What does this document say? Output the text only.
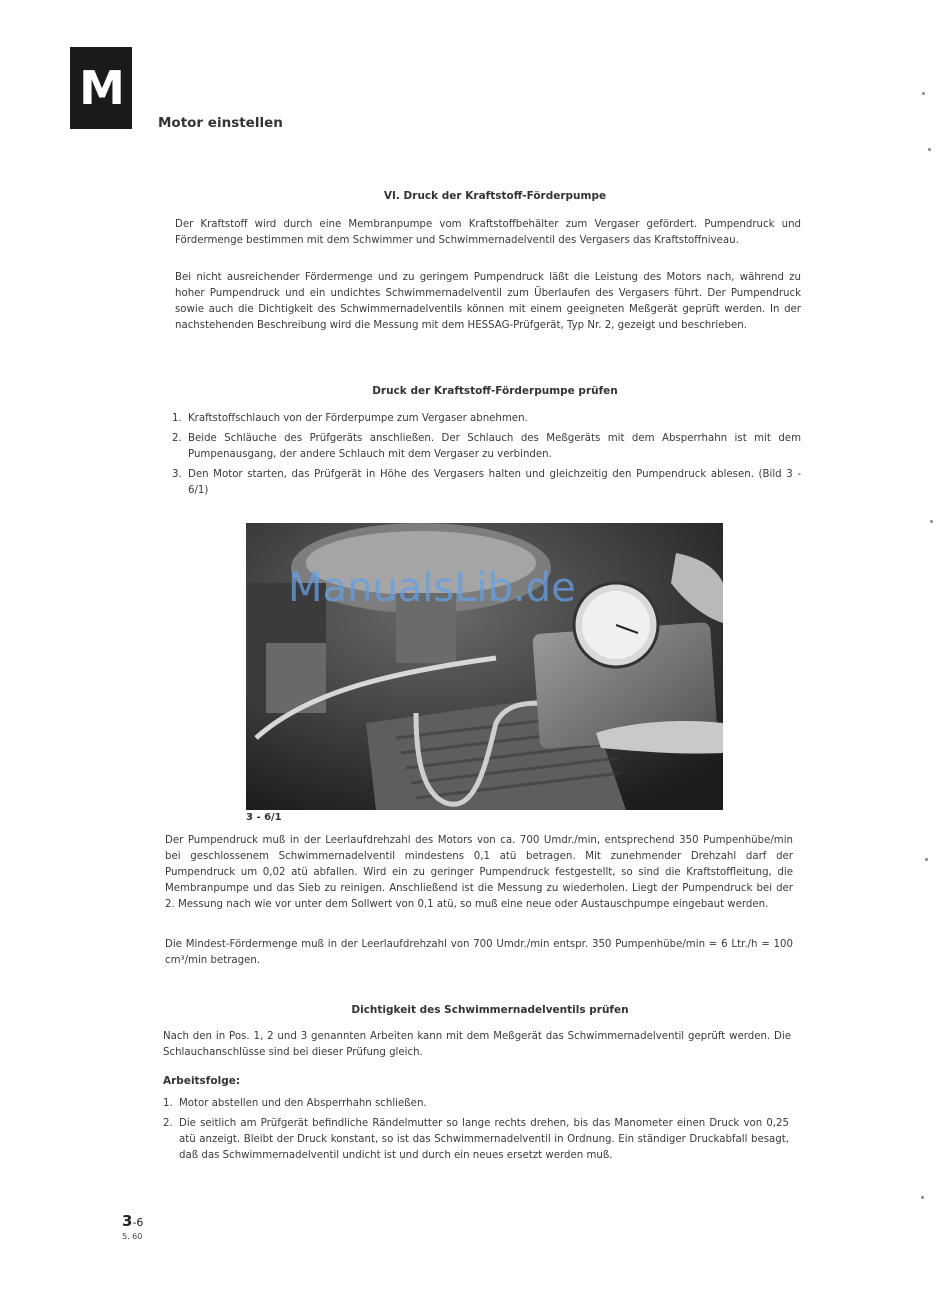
M
Motor einstellen
VI. Druck der Kraftstoff-Förderpumpe
Der Kraftstoff wird durch eine Membranpumpe vom Kraftstoffbehälter zum Vergaser gefördert. Pumpendruck und Fördermenge bestimmen mit dem Schwimmer und Schwimmernadelventil des Vergasers das Kraftstoffniveau.
Bei nicht ausreichender Fördermenge und zu geringem Pumpendruck läßt die Leistung des Motors nach, während zu hoher Pumpendruck und ein undichtes Schwimmernadelventil zum Überlaufen des Vergasers führt. Der Pumpendruck sowie auch die Dichtigkeit des Schwimmernadelventils können mit einem geeigneten Meßgerät geprüft werden. In der nachstehenden Beschreibung wird die Messung mit dem HESSAG-Prüfgerät, Typ Nr. 2, gezeigt und beschrieben.
Druck der Kraftstoff-Förderpumpe prüfen
1. Kraftstoffschlauch von der Förderpumpe zum Vergaser abnehmen.
2. Beide Schläuche des Prüfgeräts anschließen. Der Schlauch des Meßgeräts mit dem Absperrhahn ist mit dem Pumpenausgang, der andere Schlauch mit dem Vergaser zu verbinden.
3. Den Motor starten, das Prüfgerät in Höhe des Vergasers halten und gleichzeitig den Pumpendruck ablesen. (Bild 3 - 6/1)
ManualsLib.de
3 - 6/1
Der Pumpendruck muß in der Leerlaufdrehzahl des Motors von ca. 700 Umdr./min, entsprechend 350 Pumpenhübe/min bei geschlossenem Schwimmernadelventil mindestens 0,1 atü betragen. Mit zunehmender Drehzahl darf der Pumpendruck um 0,02 atü abfallen. Wird ein zu geringer Pumpendruck festgestellt, so sind die Kraftstoffleitung, die Membranpumpe und das Sieb zu reinigen. Anschließend ist die Messung zu wiederholen. Liegt der Pumpendruck bei der 2. Messung nach wie vor unter dem Sollwert von 0,1 atü, so muß eine neue oder Austauschpumpe eingebaut werden.
Die Mindest-Fördermenge muß in der Leerlaufdrehzahl von 700 Umdr./min entspr. 350 Pumpenhübe/min = 6 Ltr./h = 100 cm³/min betragen.
Dichtigkeit des Schwimmernadelventils prüfen
Nach den in Pos. 1, 2 und 3 genannten Arbeiten kann mit dem Meßgerät das Schwimmernadelventil geprüft werden. Die Schlauchanschlüsse sind bei dieser Prüfung gleich.
Arbeitsfolge:
1. Motor abstellen und den Absperrhahn schließen.
2. Die seitlich am Prüfgerät befindliche Rändelmutter so lange rechts drehen, bis das Manometer einen Druck von 0,25 atü anzeigt. Bleibt der Druck konstant, so ist das Schwimmernadelventil in Ordnung. Ein ständiger Druckabfall besagt, daß das Schwimmernadelventil undicht ist und durch ein neues ersetzt werden muß.
3-6
5. 60
